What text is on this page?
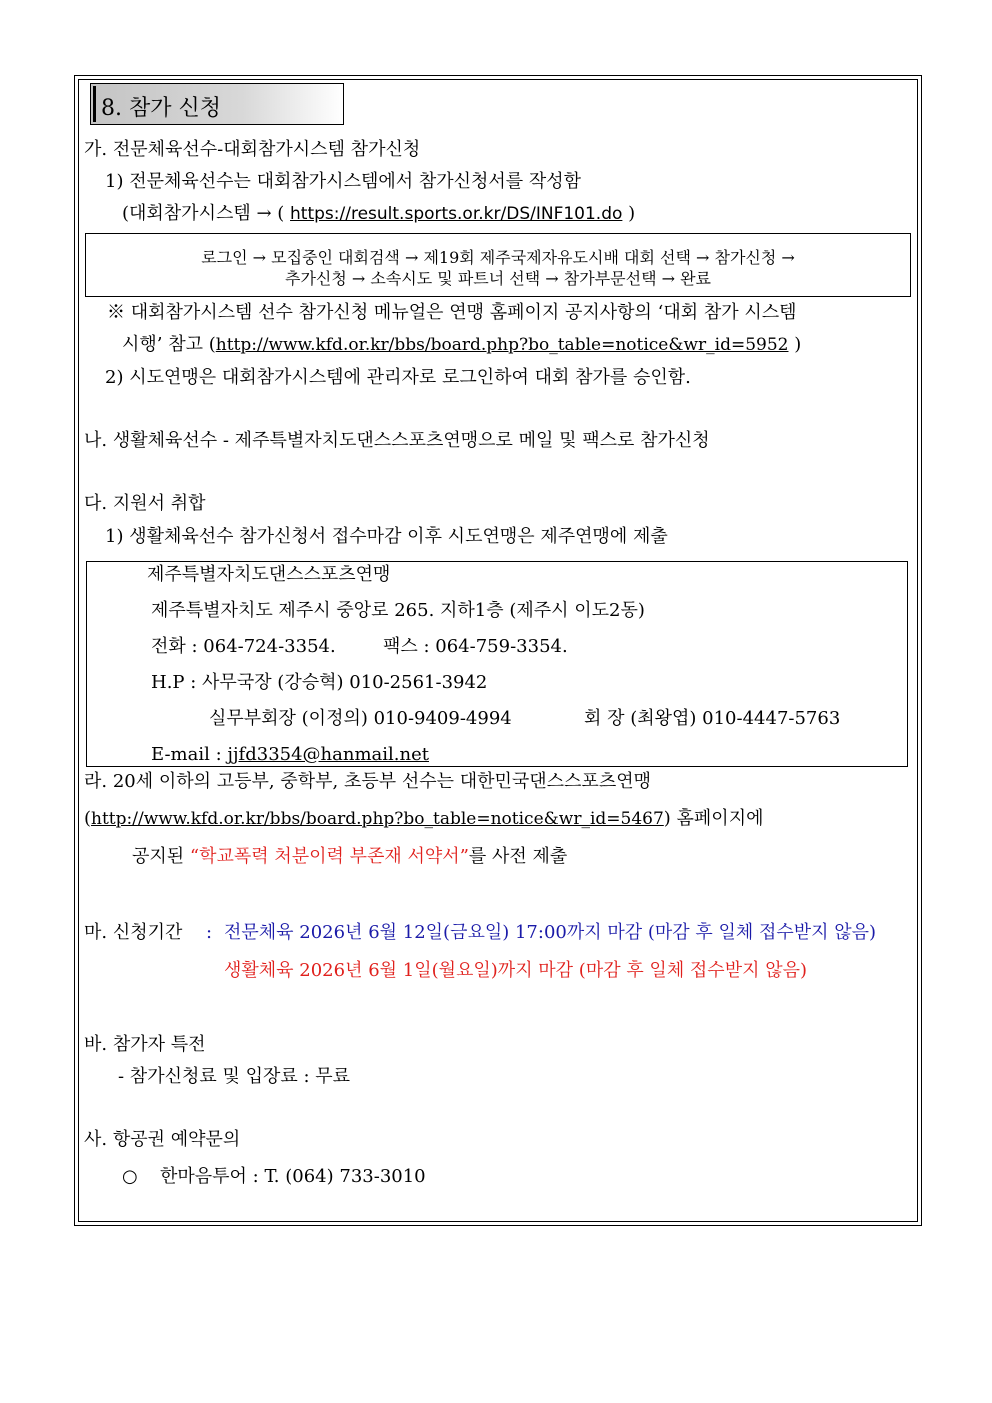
8. 참가 신청
가. 전문체육선수-대회참가시스템 참가신청
1) 전문체육선수는 대회참가시스템에서 참가신청서를 작성함
(대회참가시스템 → ( https://result.sports.or.kr/DS/INF101.do )
로그인 → 모집중인 대회검색 → 제19회 제주국제자유도시배 대회 선택 → 참가신청 →
추가신청 → 소속시도 및 파트너 선택 → 참가부문선택 → 완료
※ 대회참가시스템 선수 참가신청 메뉴얼은 연맹 홈페이지 공지사항의 ‘대회 참가 시스템
시행’ 참고 (http://www.kfd.or.kr/bbs/board.php?bo_table=notice&wr_id=5952 )
2) 시도연맹은 대회참가시스템에 관리자로 로그인하여 대회 참가를 승인함.
나. 생활체육선수 - 제주특별자치도댄스스포츠연맹으로 메일 및 팩스로 참가신청
다. 지원서 취합
1) 생활체육선수 참가신청서 접수마감 이후 시도연맹은 제주연맹에 제출
제주특별자치도댄스스포츠연맹
제주특별자치도 제주시 중앙로 265. 지하1층 (제주시 이도2동)
전화 : 064-724-3354.	팩스 : 064-759-3354.
H.P : 사무국장 (강승혁) 010-2561-3942
실무부회장 (이정의) 010-9409-4994	회 장 (최왕엽) 010-4447-5763
E-mail : jjfd3354@hanmail.net
라. 20세 이하의 고등부, 중학부, 초등부 선수는 대한민국댄스스포츠연맹
(http://www.kfd.or.kr/bbs/board.php?bo_table=notice&wr_id=5467) 홈페이지에
공지된 “학교폭력 처분이력 부존재 서약서”를 사전 제출
마. 신청기간 : 전문체육 2026년 6월 12일(금요일) 17:00까지 마감 (마감 후 일체 접수받지 않음)
생활체육 2026년 6월 1일(월요일)까지 마감 (마감 후 일체 접수받지 않음)
바. 참가자 특전
- 참가신청료 및 입장료 : 무료
사. 항공권 예약문의
○ 한마음투어 : T. (064) 733-3010
